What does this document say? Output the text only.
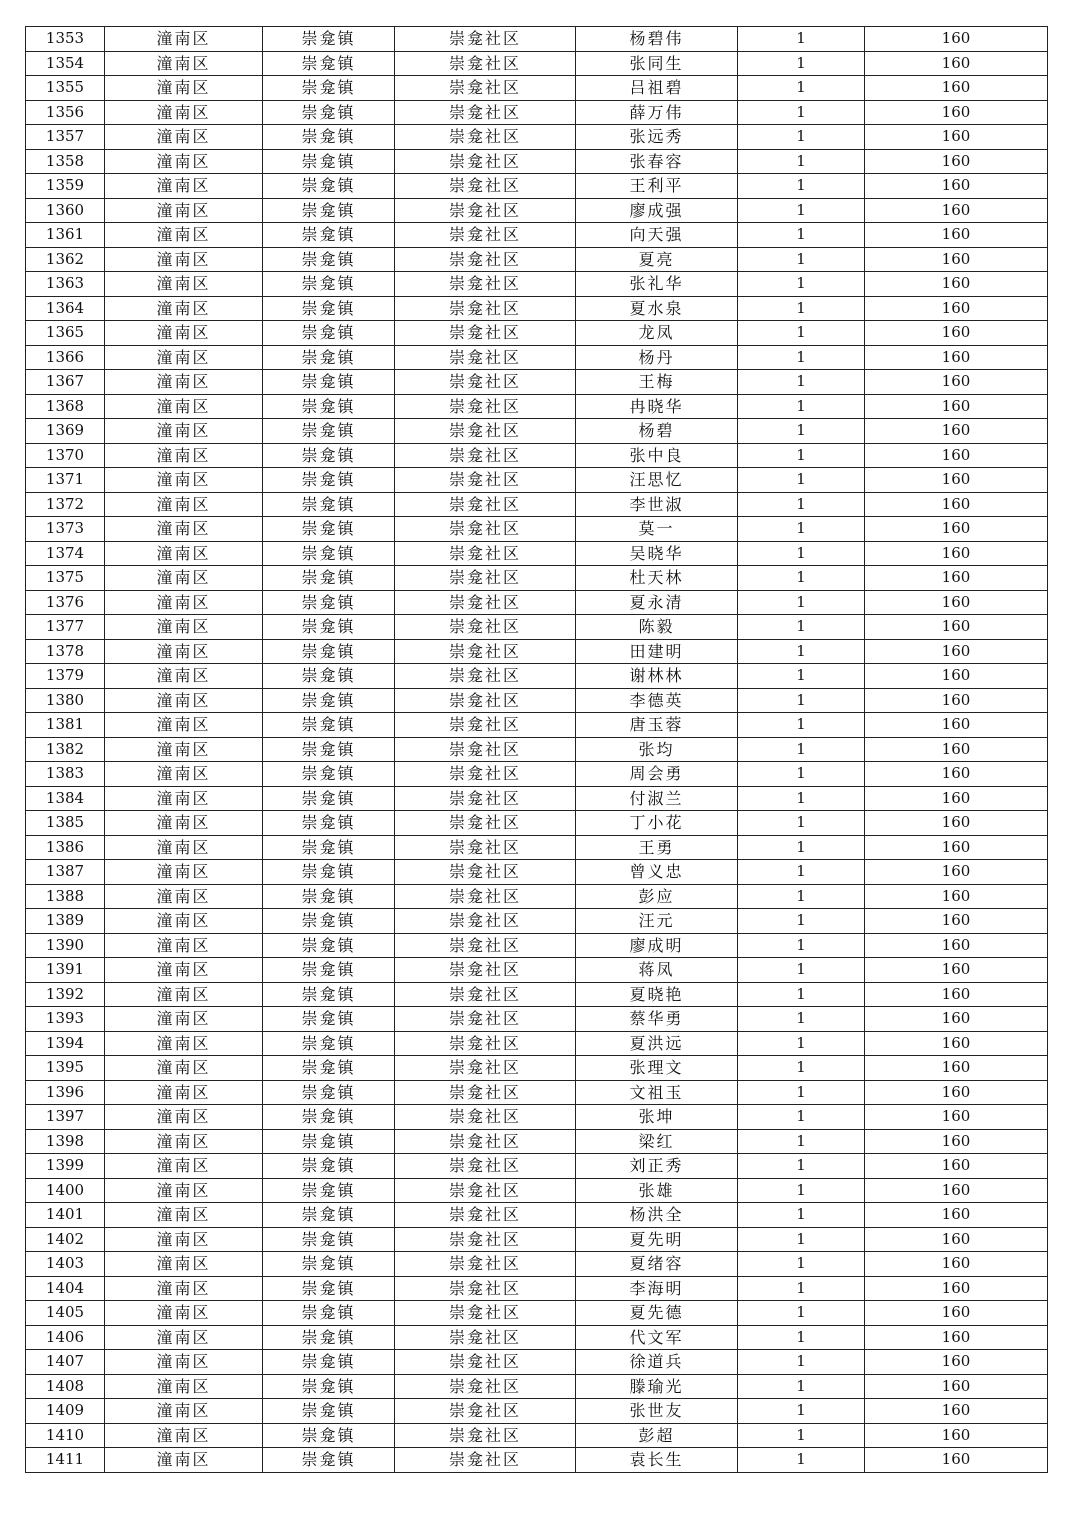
1353	潼南区	崇龛镇	崇龛社区	杨碧伟	1	160
1354	潼南区	崇龛镇	崇龛社区	张同生	1	160
1355	潼南区	崇龛镇	崇龛社区	吕祖碧	1	160
1356	潼南区	崇龛镇	崇龛社区	薛万伟	1	160
1357	潼南区	崇龛镇	崇龛社区	张远秀	1	160
1358	潼南区	崇龛镇	崇龛社区	张春容	1	160
1359	潼南区	崇龛镇	崇龛社区	王利平	1	160
1360	潼南区	崇龛镇	崇龛社区	廖成强	1	160
1361	潼南区	崇龛镇	崇龛社区	向天强	1	160
1362	潼南区	崇龛镇	崇龛社区	夏亮	1	160
1363	潼南区	崇龛镇	崇龛社区	张礼华	1	160
1364	潼南区	崇龛镇	崇龛社区	夏水泉	1	160
1365	潼南区	崇龛镇	崇龛社区	龙凤	1	160
1366	潼南区	崇龛镇	崇龛社区	杨丹	1	160
1367	潼南区	崇龛镇	崇龛社区	王梅	1	160
1368	潼南区	崇龛镇	崇龛社区	冉晓华	1	160
1369	潼南区	崇龛镇	崇龛社区	杨碧	1	160
1370	潼南区	崇龛镇	崇龛社区	张中良	1	160
1371	潼南区	崇龛镇	崇龛社区	汪思忆	1	160
1372	潼南区	崇龛镇	崇龛社区	李世淑	1	160
1373	潼南区	崇龛镇	崇龛社区	莫一	1	160
1374	潼南区	崇龛镇	崇龛社区	吴晓华	1	160
1375	潼南区	崇龛镇	崇龛社区	杜天林	1	160
1376	潼南区	崇龛镇	崇龛社区	夏永清	1	160
1377	潼南区	崇龛镇	崇龛社区	陈毅	1	160
1378	潼南区	崇龛镇	崇龛社区	田建明	1	160
1379	潼南区	崇龛镇	崇龛社区	谢林林	1	160
1380	潼南区	崇龛镇	崇龛社区	李德英	1	160
1381	潼南区	崇龛镇	崇龛社区	唐玉蓉	1	160
1382	潼南区	崇龛镇	崇龛社区	张均	1	160
1383	潼南区	崇龛镇	崇龛社区	周会勇	1	160
1384	潼南区	崇龛镇	崇龛社区	付淑兰	1	160
1385	潼南区	崇龛镇	崇龛社区	丁小花	1	160
1386	潼南区	崇龛镇	崇龛社区	王勇	1	160
1387	潼南区	崇龛镇	崇龛社区	曾义忠	1	160
1388	潼南区	崇龛镇	崇龛社区	彭应	1	160
1389	潼南区	崇龛镇	崇龛社区	汪元	1	160
1390	潼南区	崇龛镇	崇龛社区	廖成明	1	160
1391	潼南区	崇龛镇	崇龛社区	蒋凤	1	160
1392	潼南区	崇龛镇	崇龛社区	夏晓艳	1	160
1393	潼南区	崇龛镇	崇龛社区	蔡华勇	1	160
1394	潼南区	崇龛镇	崇龛社区	夏洪远	1	160
1395	潼南区	崇龛镇	崇龛社区	张理文	1	160
1396	潼南区	崇龛镇	崇龛社区	文祖玉	1	160
1397	潼南区	崇龛镇	崇龛社区	张坤	1	160
1398	潼南区	崇龛镇	崇龛社区	梁红	1	160
1399	潼南区	崇龛镇	崇龛社区	刘正秀	1	160
1400	潼南区	崇龛镇	崇龛社区	张雄	1	160
1401	潼南区	崇龛镇	崇龛社区	杨洪全	1	160
1402	潼南区	崇龛镇	崇龛社区	夏先明	1	160
1403	潼南区	崇龛镇	崇龛社区	夏绪容	1	160
1404	潼南区	崇龛镇	崇龛社区	李海明	1	160
1405	潼南区	崇龛镇	崇龛社区	夏先德	1	160
1406	潼南区	崇龛镇	崇龛社区	代文军	1	160
1407	潼南区	崇龛镇	崇龛社区	徐道兵	1	160
1408	潼南区	崇龛镇	崇龛社区	滕瑜光	1	160
1409	潼南区	崇龛镇	崇龛社区	张世友	1	160
1410	潼南区	崇龛镇	崇龛社区	彭超	1	160
1411	潼南区	崇龛镇	崇龛社区	袁长生	1	160
